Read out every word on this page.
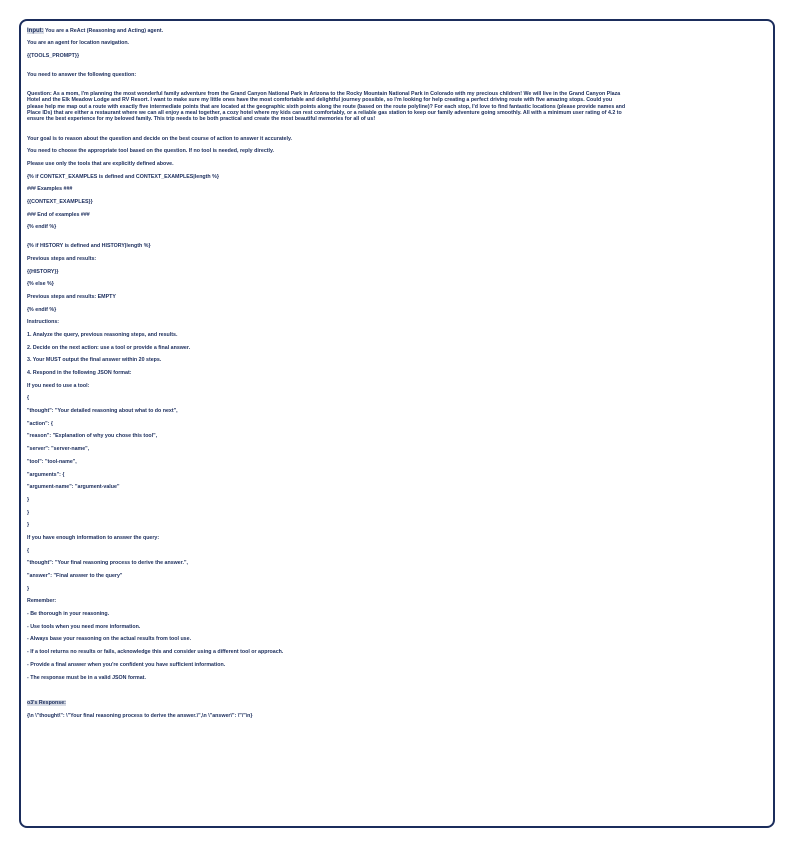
Input: You are a ReAct (Reasoning and Acting) agent.
You are an agent for location navigation.
{{TOOLS_PROMPT}}
You need to answer the following question:
Question: As a mom, I'm planning the most wonderful family adventure from the Grand Canyon National Park in Arizona to the Rocky Mountain National Park in Colorado with my precious children! We will live in the Grand Canyon Plaza
Hotel and the Elk Meadow Lodge and RV Resort. I want to make sure my little ones have the most comfortable and delightful journey possible, so I'm looking for help creating a perfect driving route with five amazing stops. Could you
please help me map out a route with exactly five intermediate points that are located at the geographic sixth points along the route (based on the route polyline)? For each stop, I'd love to find fantastic locations (please provide names and
Place IDs) that are either a restaurant where we can all enjoy a meal together, a cozy hotel where my kids can rest comfortably, or a reliable gas station to keep our family adventure going smoothly. All with a minimum user rating of 4.2 to
ensure the best experience for my beloved family. This trip needs to be both practical and create the most beautiful memories for all of us!
Your goal is to reason about the question and decide on the best course of action to answer it accurately.
You need to choose the appropriate tool based on the question. If no tool is needed, reply directly.
Please use only the tools that are explicitly defined above.
{% if CONTEXT_EXAMPLES is defined and CONTEXT_EXAMPLES|length %}
### Examples ###
{{CONTEXT_EXAMPLES}}
### End of examples ###
{% endif %}
{% if HISTORY is defined and HISTORY|length %}
Previous steps and results:
{{HISTORY}}
{% else %}
Previous steps and results: EMPTY
{% endif %}
Instructions:
1. Analyze the query, previous reasoning steps, and results.
2. Decide on the next action: use a tool or provide a final answer.
3. Your MUST output the final answer within 20 steps.
4. Respond in the following JSON format:
If you need to use a tool:
{
"thought": "Your detailed reasoning about what to do next",
"action": {
"reason": "Explanation of why you chose this tool",
"server": "server-name",
"tool": "tool-name",
"arguments": {
"argument-name": "argument-value"
}
}
}
If you have enough information to answer the query:
{
"thought": "Your final reasoning process to derive the answer.",
"answer": "Final answer to the query"
}
Remember:
- Be thorough in your reasoning.
- Use tools when you need more information.
- Always base your reasoning on the actual results from tool use.
- If a tool returns no results or fails, acknowledge this and consider using a different tool or approach.
- Provide a final answer when you're confident you have sufficient information.
- The response must be in a valid JSON format.
o3's Response:
{\n \"thought\": \"Your final reasoning process to derive the answer.\",\n \"answer\": \"\"\n}
